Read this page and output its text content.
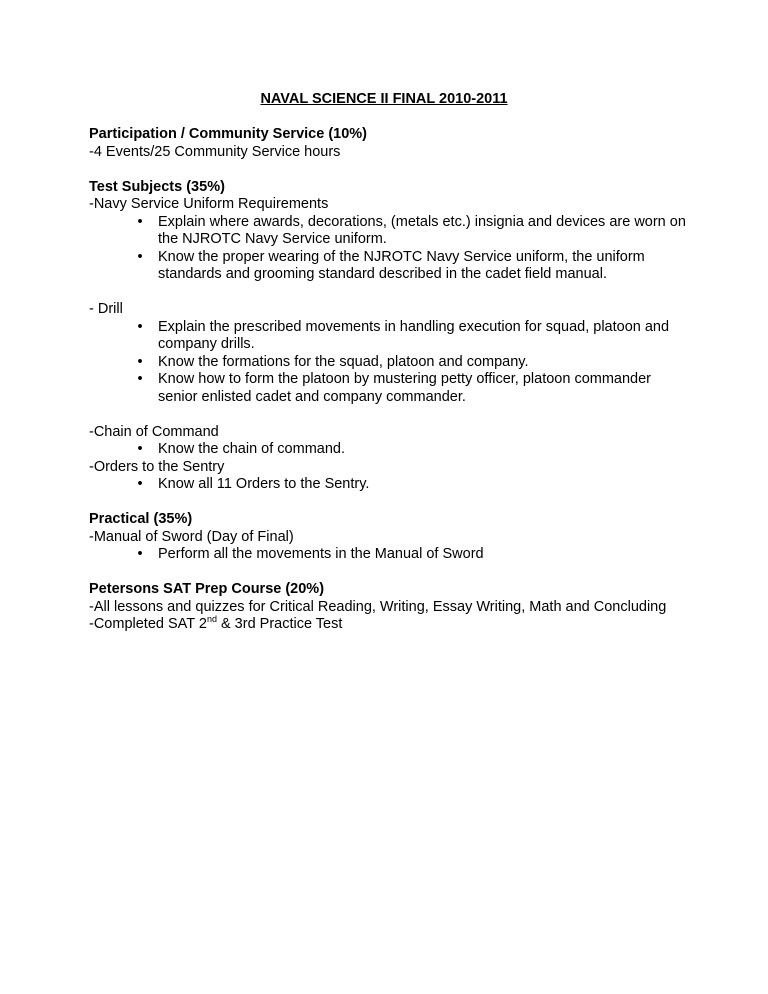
NAVAL SCIENCE II FINAL 2010-2011

Participation / Community Service (10%)

-4 Events/25 Community Service hours

Test Subjects (35%)

-Navy Service Uniform Requirements

• Explain where awards, decorations, (metals etc.) insignia and devices are worn on the NJROTC Navy Service uniform.
• Know the proper wearing of the NJROTC Navy Service uniform, the uniform standards and grooming standard described in the cadet field manual.

- Drill

• Explain the prescribed movements in handling execution for squad, platoon and company drills.
• Know the formations for the squad, platoon and company.
• Know how to form the platoon by mustering petty officer, platoon commander senior enlisted cadet and company commander.

-Chain of Command

• Know the chain of command.

-Orders to the Sentry

• Know all 11 Orders to the Sentry.

Practical (35%)

-Manual of Sword (Day of Final)

• Perform all the movements in the Manual of Sword

Petersons SAT Prep Course (20%)

-All lessons and quizzes for Critical Reading, Writing, Essay Writing, Math and Concluding

-Completed SAT 2nd & 3rd Practice Test
